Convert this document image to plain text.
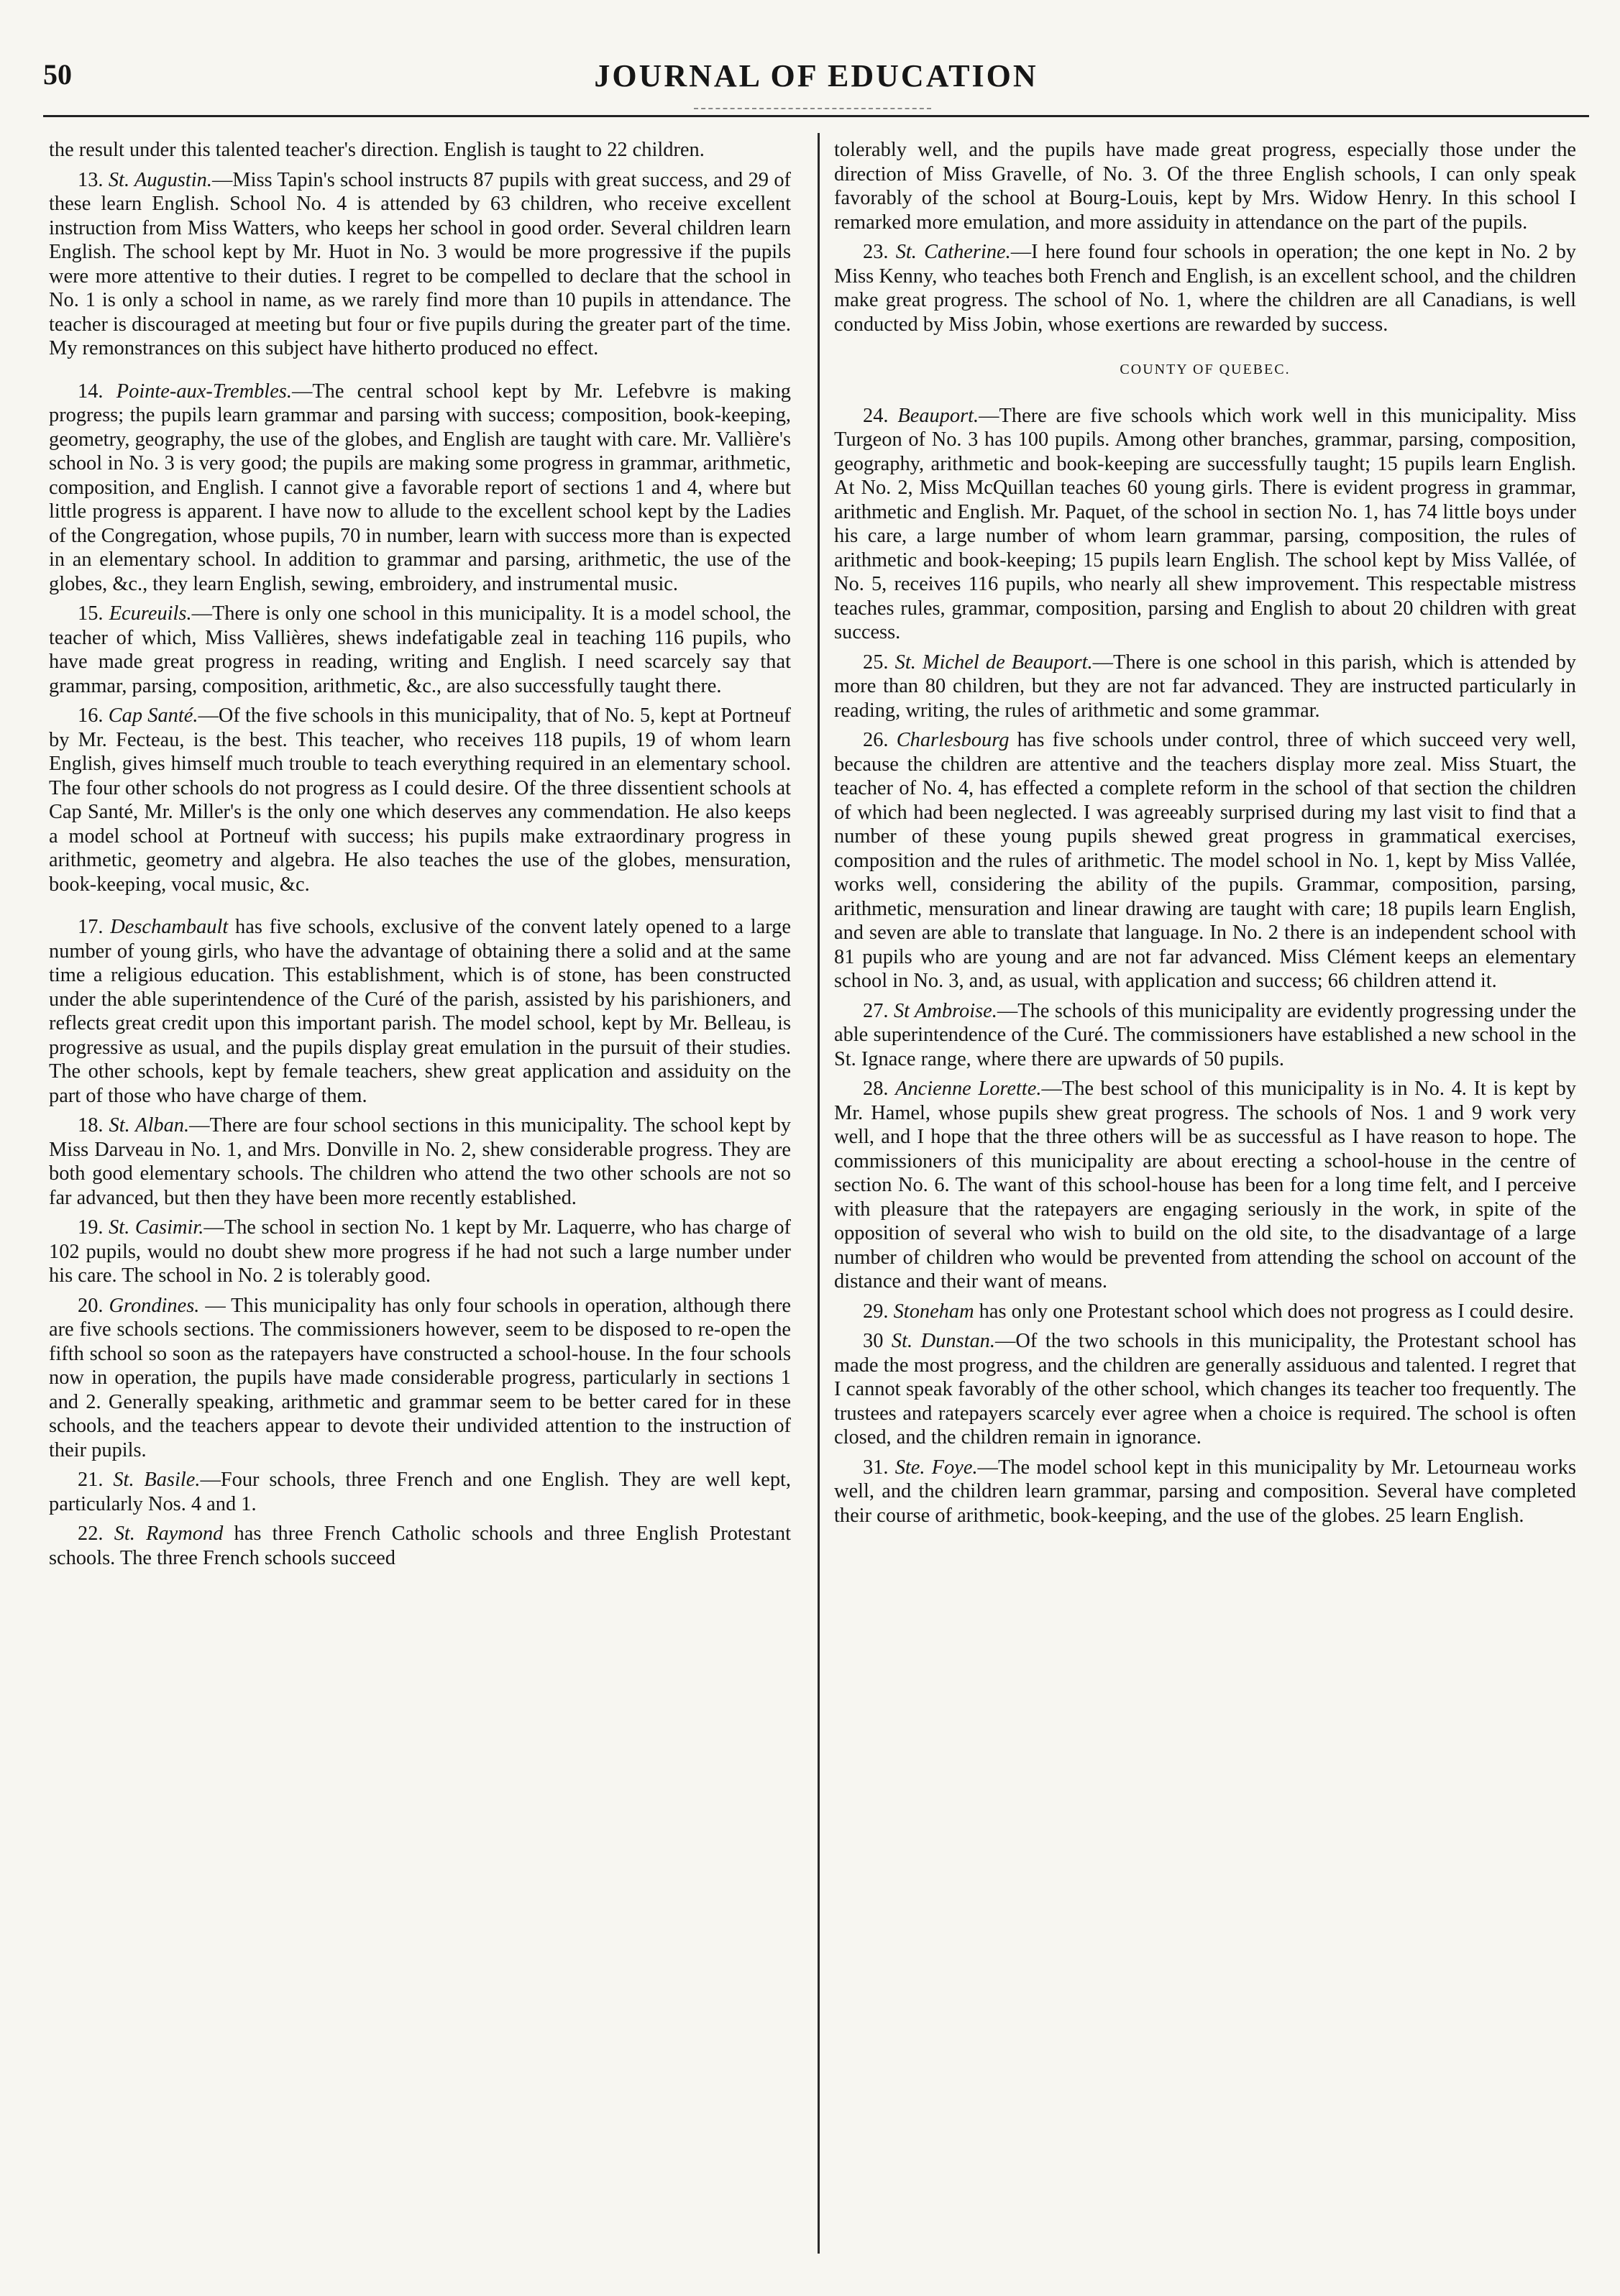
50	JOURNAL OF EDUCATION

the result under this talented teacher's direction. English is taught to 22 children.

13. St. Augustin.—Miss Tapin's school instructs 87 pupils with great success, and 29 of these learn English. School No. 4 is attended by 63 children, who receive excellent instruction from Miss Watters, who keeps her school in good order. Several children learn English. The school kept by Mr. Huot in No. 3 would be more progressive if the pupils were more attentive to their duties. I regret to be compelled to declare that the school in No. 1 is only a school in name, as we rarely find more than 10 pupils in attendance. The teacher is discouraged at meeting but four or five pupils during the greater part of the time. My remonstrances on this subject have hitherto produced no effect.

14. Pointe-aux-Trembles.—The central school kept by Mr. Lefebvre is making progress; the pupils learn grammar and parsing with success; composition, book-keeping, geometry, geography, the use of the globes, and English are taught with care. Mr. Vallière's school in No. 3 is very good; the pupils are making some progress in grammar, arithmetic, composition, and English. I cannot give a favorable report of sections 1 and 4, where but little progress is apparent. I have now to allude to the excellent school kept by the Ladies of the Congregation, whose pupils, 70 in number, learn with success more than is expected in an elementary school. In addition to grammar and parsing, arithmetic, the use of the globes, &c., they learn English, sewing, embroidery, and instrumental music.

15. Ecureuils.—There is only one school in this municipality. It is a model school, the teacher of which, Miss Vallières, shews indefatigable zeal in teaching 116 pupils, who have made great progress in reading, writing and English. I need scarcely say that grammar, parsing, composition, arithmetic, &c., are also successfully taught there.

16. Cap Santé.—Of the five schools in this municipality, that of No. 5, kept at Portneuf by Mr. Fecteau, is the best. This teacher, who receives 118 pupils, 19 of whom learn English, gives himself much trouble to teach everything required in an elementary school. The four other schools do not progress as I could desire. Of the three dissentient schools at Cap Santé, Mr. Miller's is the only one which deserves any commendation. He also keeps a model school at Portneuf with success; his pupils make extraordinary progress in arithmetic, geometry and algebra. He also teaches the use of the globes, mensuration, book-keeping, vocal music, &c.

17. Deschambault has five schools, exclusive of the convent lately opened to a large number of young girls, who have the advantage of obtaining there a solid and at the same time a religious education. This establishment, which is of stone, has been constructed under the able superintendence of the Curé of the parish, assisted by his parishioners, and reflects great credit upon this important parish. The model school, kept by Mr. Belleau, is progressive as usual, and the pupils display great emulation in the pursuit of their studies. The other schools, kept by female teachers, shew great application and assiduity on the part of those who have charge of them.

18. St. Alban.—There are four school sections in this municipality. The school kept by Miss Darveau in No. 1, and Mrs. Donville in No. 2, shew considerable progress. They are both good elementary schools. The children who attend the two other schools are not so far advanced, but then they have been more recently established.

19. St. Casimir.—The school in section No. 1 kept by Mr. Laquerre, who has charge of 102 pupils, would no doubt shew more progress if he had not such a large number under his care. The school in No. 2 is tolerably good.

20. Grondines. — This municipality has only four schools in operation, although there are five schools sections. The commissioners however, seem to be disposed to re-open the fifth school so soon as the ratepayers have constructed a school-house. In the four schools now in operation, the pupils have made considerable progress, particularly in sections 1 and 2. Generally speaking, arithmetic and grammar seem to be better cared for in these schools, and the teachers appear to devote their undivided attention to the instruction of their pupils.

21. St. Basile.—Four schools, three French and one English. They are well kept, particularly Nos. 4 and 1.

22. St. Raymond has three French Catholic schools and three English Protestant schools. The three French schools succeed

tolerably well, and the pupils have made great progress, especially those under the direction of Miss Gravelle, of No. 3. Of the three English schools, I can only speak favorably of the school at Bourg-Louis, kept by Mrs. Widow Henry. In this school I remarked more emulation, and more assiduity in attendance on the part of the pupils.

23. St. Catherine.—I here found four schools in operation; the one kept in No. 2 by Miss Kenny, who teaches both French and English, is an excellent school, and the children make great progress. The school of No. 1, where the children are all Canadians, is well conducted by Miss Jobin, whose exertions are rewarded by success.

COUNTY OF QUEBEC.

24. Beauport.—There are five schools which work well in this municipality. Miss Turgeon of No. 3 has 100 pupils. Among other branches, grammar, parsing, composition, geography, arithmetic and book-keeping are successfully taught; 15 pupils learn English. At No. 2, Miss McQuillan teaches 60 young girls. There is evident progress in grammar, arithmetic and English. Mr. Paquet, of the school in section No. 1, has 74 little boys under his care, a large number of whom learn grammar, parsing, composition, the rules of arithmetic and book-keeping; 15 pupils learn English. The school kept by Miss Vallée, of No. 5, receives 116 pupils, who nearly all shew improvement. This respectable mistress teaches rules, grammar, composition, parsing and English to about 20 children with great success.

25. St. Michel de Beauport.—There is one school in this parish, which is attended by more than 80 children, but they are not far advanced. They are instructed particularly in reading, writing, the rules of arithmetic and some grammar.

26. Charlesbourg has five schools under control, three of which succeed very well, because the children are attentive and the teachers display more zeal. Miss Stuart, the teacher of No. 4, has effected a complete reform in the school of that section the children of which had been neglected. I was agreeably surprised during my last visit to find that a number of these young pupils shewed great progress in grammatical exercises, composition and the rules of arithmetic. The model school in No. 1, kept by Miss Vallée, works well, considering the ability of the pupils. Grammar, composition, parsing, arithmetic, mensuration and linear drawing are taught with care; 18 pupils learn English, and seven are able to translate that language. In No. 2 there is an independent school with 81 pupils who are young and are not far advanced. Miss Clément keeps an elementary school in No. 3, and, as usual, with application and success; 66 children attend it.

27. St Ambroise.—The schools of this municipality are evidently progressing under the able superintendence of the Curé. The commissioners have established a new school in the St. Ignace range, where there are upwards of 50 pupils.

28. Ancienne Lorette.—The best school of this municipality is in No. 4. It is kept by Mr. Hamel, whose pupils shew great progress. The schools of Nos. 1 and 9 work very well, and I hope that the three others will be as successful as I have reason to hope. The commissioners of this municipality are about erecting a school-house in the centre of section No. 6. The want of this school-house has been for a long time felt, and I perceive with pleasure that the ratepayers are engaging seriously in the work, in spite of the opposition of several who wish to build on the old site, to the disadvantage of a large number of children who would be prevented from attending the school on account of the distance and their want of means.

29. Stoneham has only one Protestant school which does not progress as I could desire.

30 St. Dunstan.—Of the two schools in this municipality, the Protestant school has made the most progress, and the children are generally assiduous and talented. I regret that I cannot speak favorably of the other school, which changes its teacher too frequently. The trustees and ratepayers scarcely ever agree when a choice is required. The school is often closed, and the children remain in ignorance.

31. Ste. Foye.—The model school kept in this municipality by Mr. Letourneau works well, and the children learn grammar, parsing and composition. Several have completed their course of arithmetic, book-keeping, and the use of the globes. 25 learn English.
